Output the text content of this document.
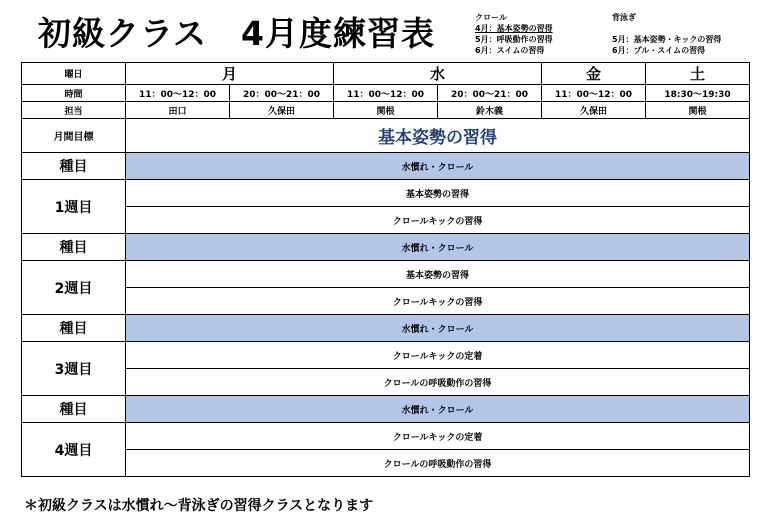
初級クラス　4月度練習表	クロール
4月：基本姿勢の習得
5月：呼吸動作の習得
6月：スイムの習得
背泳ぎ

5月：基本姿勢・キックの習得
6月：プル・スイムの習得
曜日	月		水		金	土
時間	11：00～12：00	20：00～21：00	11：00～12：00	20：00～21：00	11：00～12：00	18:30～19:30
担当	田口	久保田	関根	鈴木義	久保田	関根
月間目標	基本姿勢の習得					
種目	水慣れ・クロール					
1週目	基本姿勢の習得					
	クロールキックの習得					
種目	水慣れ・クロール					
2週目	基本姿勢の習得					
	クロールキックの習得					
種目	水慣れ・クロール					
3週目	クロールキックの定着					
	クロールの呼吸動作の習得					
種目	水慣れ・クロール					
4週目	クロールキックの定着					
	クロールの呼吸動作の習得					
＊初級クラスは水慣れ～背泳ぎの習得クラスとなります
